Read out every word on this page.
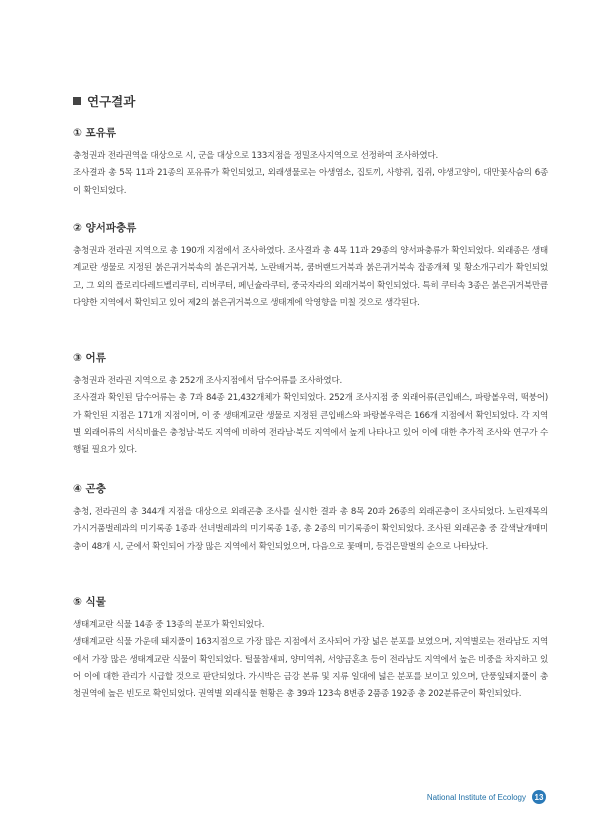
연구결과
① 포유류

충청권과 전라권역을 대상으로 시, 군을 대상으로 133지점을 정밀조사지역으로 선정하여 조사하였다.

조사결과 총 5목 11과 21종의 포유류가 확인되었고, 외래생물로는 아생염소, 집토끼, 사향쥐, 집쥐, 야생고양이, 대만꽃사슴의 6종이 확인되었다.

② 양서파충류

충청권과 전라권 지역으로 총 190개 지점에서 조사하였다. 조사결과 총 4목 11과 29종의 양서파충류가 확인되었다. 외래종은 생태계교란 생물로 지정된 붉은귀거북속의 붉은귀거북, 노란배거북, 쿰버랜드거북과 붉은귀거북속 잡종개체 및 황소개구리가 확인되었고, 그 외의 플로리다레드벨리쿠터, 리버쿠터, 페닌슐라쿠터, 중국자라의 외래거북이 확인되었다. 특히 쿠터속 3종은 붉은귀거북만큼 다양한 지역에서 확인되고 있어 제2의 붉은귀거북으로 생태계에 악영향을 미칠 것으로 생각된다.

③ 어류

충청권과 전라권 지역으로 총 252개 조사지점에서 담수어류를 조사하였다.

조사결과 확인된 담수어류는 총 7과 84종 21,432개체가 확인되었다. 252개 조사지점 중 외래어류(큰입배스, 파랑볼우럭, 떡붕어)가 확인된 지점은 171개 지점이며, 이 중 생태계교란 생물로 지정된 큰입배스와 파랑볼우럭은 166개 지점에서 확인되었다. 각 지역별 외래어류의 서식비율은 충청남·북도 지역에 비하여 전라남·북도 지역에서 높게 나타나고 있어 이에 대한 추가적 조사와 연구가 수행될 필요가 있다.

④ 곤충

충청, 전라권의 총 344개 지점을 대상으로 외래곤충 조사를 실시한 결과 총 8목 20과 26종의 외래곤충이 조사되었다. 노린재목의 가시거품벌레과의 미기록종 1종과 선녀벌레과의 미기록종 1종, 총 2종의 미기록종이 확인되었다. 조사된 외래곤충 중 갈색날개매미충이 48개 시, 군에서 확인되어 가장 많은 지역에서 확인되었으며, 다음으로 꽃매미, 등검은말벌의 순으로 나타났다.

⑤ 식물

생태계교란 식물 14종 중 13종의 분포가 확인되었다.

생태계교란 식물 가운데 돼지풀이 163지점으로 가장 많은 지점에서 조사되어 가장 넓은 분포를 보였으며, 지역별로는 전라남도 지역에서 가장 많은 생태계교란 식물이 확인되었다. 털물참새피, 양미역취, 서양금혼초 등이 전라남도 지역에서 높은 비중을 차지하고 있어 이에 대한 관리가 시급할 것으로 판단되었다. 가시박은 금강 본류 및 지류 일대에 넓은 분포를 보이고 있으며, 단풍잎돼지풀이 충청권역에 높은 빈도로 확인되었다. 권역별 외래식물 현황은 총 39과 123속 8변종 2품종 192종 총 202분류군이 확인되었다.

National Institute of Ecology	13
